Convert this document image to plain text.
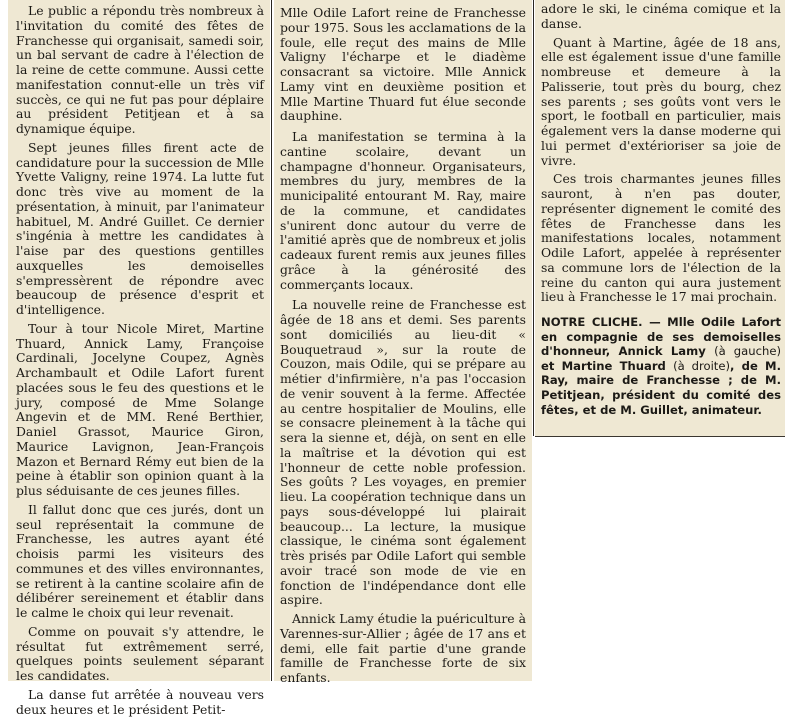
Le public a répondu très nombreux à l'invitation du comité des fêtes de Franchesse qui organisait, samedi soir, un bal servant de cadre à l'élection de la reine de cette commune. Aussi cette manifestation connut-elle un très vif succès, ce qui ne fut pas pour déplaire au président Petitjean et à sa dynamique équipe.

Sept jeunes filles firent acte de candidature pour la succession de Mlle Yvette Valigny, reine 1974. La lutte fut donc très vive au moment de la présentation, à minuit, par l'animateur habituel, M. André Guillet. Ce dernier s'ingénia à mettre les candidates à l'aise par des questions gentilles auxquelles les demoiselles s'empressèrent de répondre avec beaucoup de présence d'esprit et d'intelligence.

Tour à tour Nicole Miret, Martine Thuard, Annick Lamy, Françoise Cardinali, Jocelyne Coupez, Agnès Archambault et Odile Lafort furent placées sous le feu des questions et le jury, composé de Mme Solange Angevin et de MM. René Berthier, Daniel Grassot, Maurice Giron, Maurice Lavignon, Jean-François Mazon et Bernard Rémy eut bien de la peine à établir son opinion quant à la plus séduisante de ces jeunes filles.

Il fallut donc que ces jurés, dont un seul représentait la commune de Franchesse, les autres ayant été choisis parmi les visiteurs des communes et des villes environnantes, se retirent à la cantine scolaire afin de délibérer sereinement et établir dans le calme le choix qui leur revenait.

Comme on pouvait s'y attendre, le résultat fut extrêmement serré, quelques points seulement séparant les candidates.

La danse fut arrêtée à nouveau vers deux heures et le président Petit-

Mlle Odile Lafort reine de Franchesse pour 1975. Sous les acclamations de la foule, elle reçut des mains de Mlle Valigny l'écharpe et le diadème consacrant sa victoire. Mlle Annick Lamy vint en deuxième position et Mlle Martine Thuard fut élue seconde dauphine.

La manifestation se termina à la cantine scolaire, devant un champagne d'honneur. Organisateurs, membres du jury, membres de la municipalité entourant M. Ray, maire de la commune, et candidates s'unirent donc autour du verre de l'amitié après que de nombreux et jolis cadeaux furent remis aux jeunes filles grâce à la générosité des commerçants locaux.

La nouvelle reine de Franchesse est âgée de 18 ans et demi. Ses parents sont domiciliés au lieu-dit « Bouquetraud », sur la route de Couzon, mais Odile, qui se prépare au métier d'infirmière, n'a pas l'occasion de venir souvent à la ferme. Affectée au centre hospitalier de Moulins, elle se consacre pleinement à la tâche qui sera la sienne et, déjà, on sent en elle la maîtrise et la dévotion qui est l'honneur de cette noble profession. Ses goûts ? Les voyages, en premier lieu. La coopération technique dans un pays sous-développé lui plairait beaucoup... La lecture, la musique classique, le cinéma sont également très prisés par Odile Lafort qui semble avoir tracé son mode de vie en fonction de l'indépendance dont elle aspire.

Annick Lamy étudie la puériculture à Varennes-sur-Allier ; âgée de 17 ans et demi, elle fait partie d'une grande famille de Franchesse forte de six enfants.

adore le ski, le cinéma comique et la danse.

Quant à Martine, âgée de 18 ans, elle est également issue d'une famille nombreuse et demeure à la Palisserie, tout près du bourg, chez ses parents ; ses goûts vont vers le sport, le football en particulier, mais également vers la danse moderne qui lui permet d'extérioriser sa joie de vivre.

Ces trois charmantes jeunes filles sauront, à n'en pas douter, représenter dignement le comité des fêtes de Franchesse dans les manifestations locales, notamment Odile Lafort, appelée à représenter sa commune lors de l'élection de la reine du canton qui aura justement lieu à Franchesse le 17 mai prochain.

NOTRE CLICHE. — Mlle Odile Lafort en compagnie de ses demoiselles d'honneur, Annick Lamy (à gauche) et Martine Thuard (à droite), de M. Ray, maire de Franchesse ; de M. Petitjean, président du comité des fêtes, et de M. Guillet, animateur.
